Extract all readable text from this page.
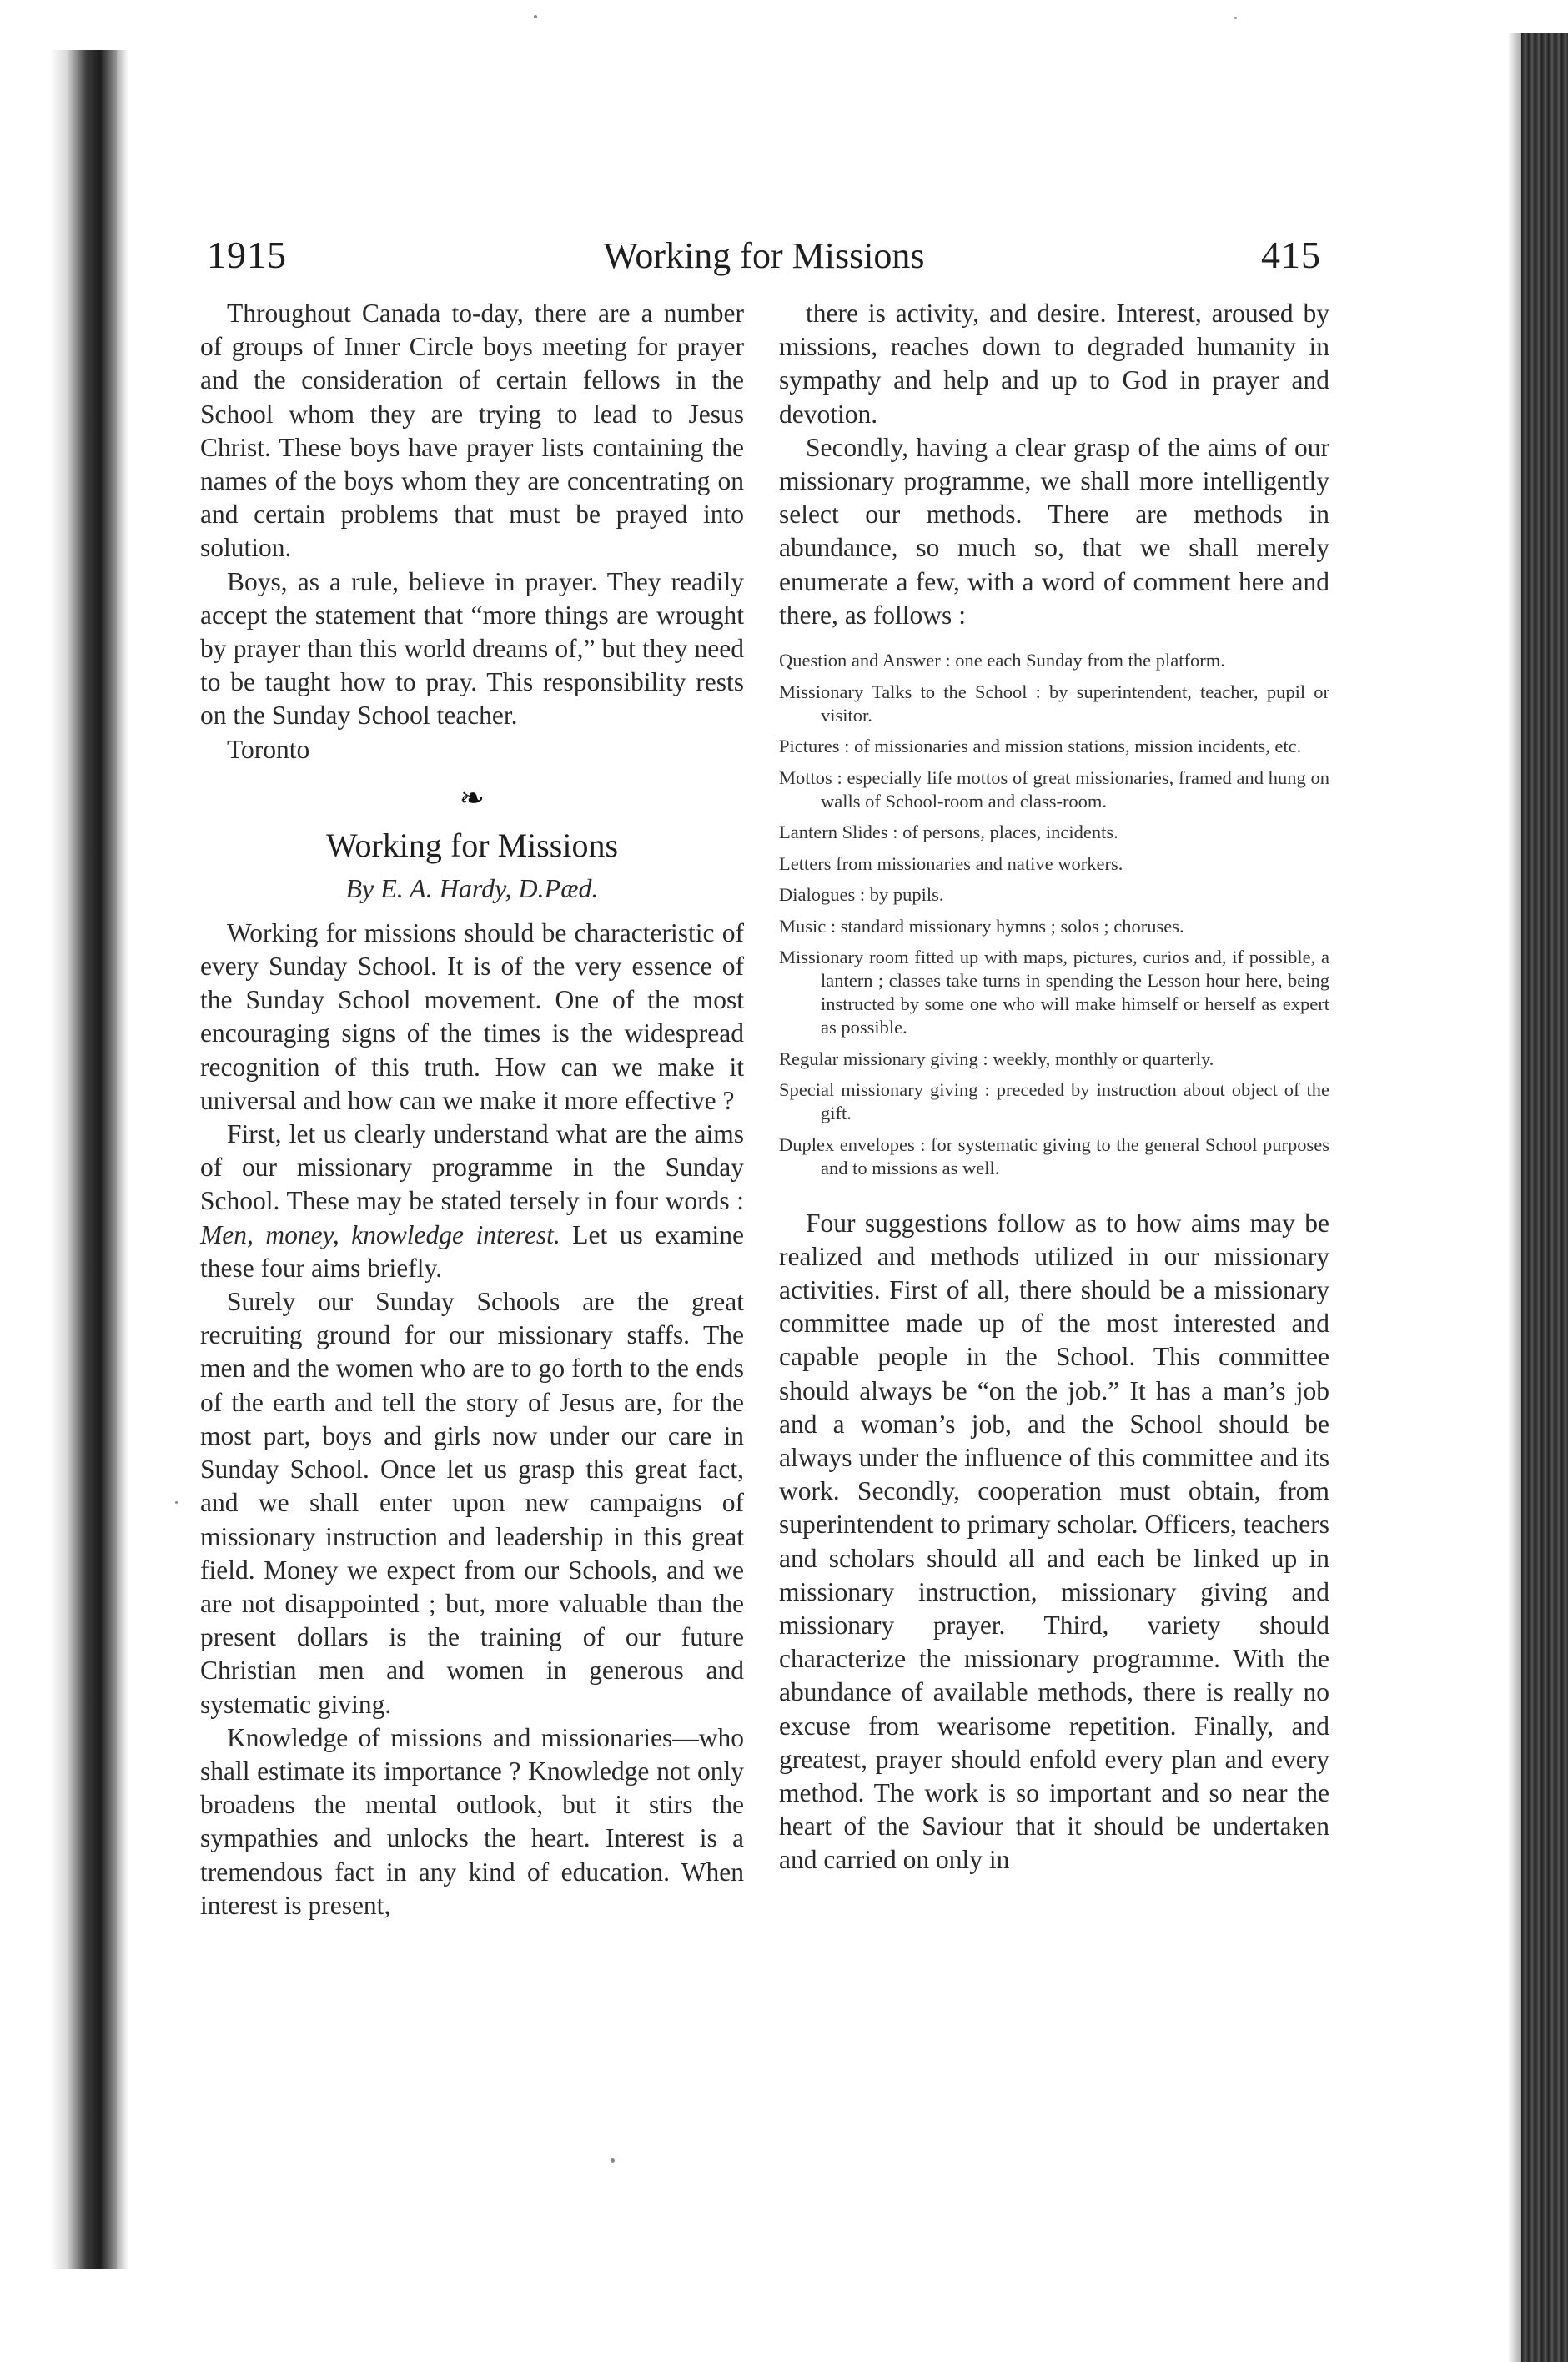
1915	Working for Missions	415

Throughout Canada to-day, there are a number of groups of Inner Circle boys meeting for prayer and the consideration of certain fellows in the School whom they are trying to lead to Jesus Christ. These boys have prayer lists containing the names of the boys whom they are concentrating on and certain problems that must be prayed into solution.

Boys, as a rule, believe in prayer. They readily accept the statement that “more things are wrought by prayer than this world dreams of,” but they need to be taught how to pray. This responsibility rests on the Sunday School teacher.

Toronto

❧
Working for Missions
By E. A. Hardy, D.Pæd.

Working for missions should be characteristic of every Sunday School. It is of the very essence of the Sunday School movement. One of the most encouraging signs of the times is the widespread recognition of this truth. How can we make it universal and how can we make it more effective ?

First, let us clearly understand what are the aims of our missionary programme in the Sunday School. These may be stated tersely in four words : Men, money, knowledge interest. Let us examine these four aims briefly.

Surely our Sunday Schools are the great recruiting ground for our missionary staffs. The men and the women who are to go forth to the ends of the earth and tell the story of Jesus are, for the most part, boys and girls now under our care in Sunday School. Once let us grasp this great fact, and we shall enter upon new campaigns of missionary instruction and leadership in this great field. Money we expect from our Schools, and we are not disappointed ; but, more valuable than the present dollars is the training of our future Christian men and women in generous and systematic giving.

Knowledge of missions and missionaries—who shall estimate its importance ? Knowledge not only broadens the mental outlook, but it stirs the sympathies and unlocks the heart. Interest is a tremendous fact in any kind of education. When interest is present,

there is activity, and desire. Interest, aroused by missions, reaches down to degraded humanity in sympathy and help and up to God in prayer and devotion.

Secondly, having a clear grasp of the aims of our missionary programme, we shall more intelligently select our methods. There are methods in abundance, so much so, that we shall merely enumerate a few, with a word of comment here and there, as follows :

Question and Answer : one each Sunday from the platform.
Missionary Talks to the School : by superintendent, teacher, pupil or visitor.
Pictures : of missionaries and mission stations, mission incidents, etc.
Mottos : especially life mottos of great missionaries, framed and hung on walls of School-room and class-room.
Lantern Slides : of persons, places, incidents.
Letters from missionaries and native workers.
Dialogues : by pupils.
Music : standard missionary hymns ; solos ; choruses.
Missionary room fitted up with maps, pictures, curios and, if possible, a lantern ; classes take turns in spending the Lesson hour here, being instructed by some one who will make himself or herself as expert as possible.
Regular missionary giving : weekly, monthly or quarterly.
Special missionary giving : preceded by instruction about object of the gift.
Duplex envelopes : for systematic giving to the general School purposes and to missions as well.

Four suggestions follow as to how aims may be realized and methods utilized in our missionary activities. First of all, there should be a missionary committee made up of the most interested and capable people in the School. This committee should always be “on the job.” It has a man’s job and a woman’s job, and the School should be always under the influence of this committee and its work. Secondly, cooperation must obtain, from superintendent to primary scholar. Officers, teachers and scholars should all and each be linked up in missionary instruction, missionary giving and missionary prayer. Third, variety should characterize the missionary programme. With the abundance of available methods, there is really no excuse from wearisome repetition. Finally, and greatest, prayer should enfold every plan and every method. The work is so important and so near the heart of the Saviour that it should be undertaken and carried on only in
